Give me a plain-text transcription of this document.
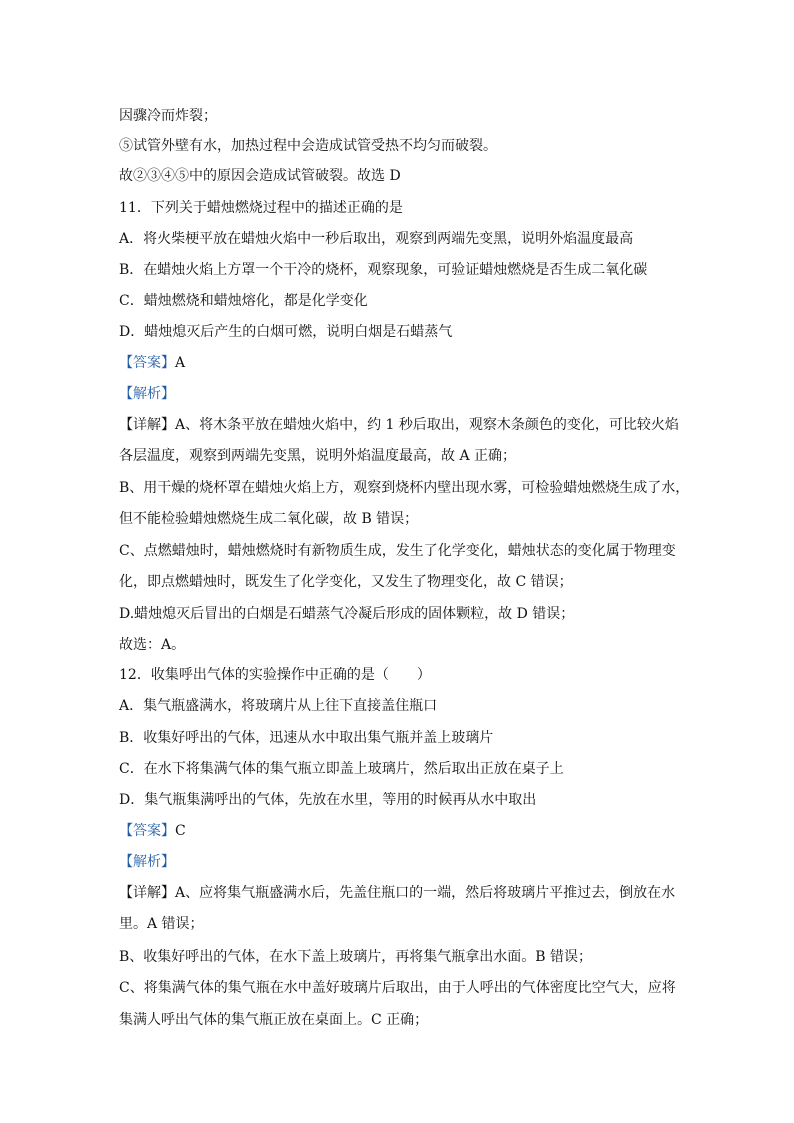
因骤冷而炸裂；
⑤试管外壁有水，加热过程中会造成试管受热不均匀而破裂。
故②③④⑤中的原因会造成试管破裂。故选 D
11．下列关于蜡烛燃烧过程中的描述正确的是
A．将火柴梗平放在蜡烛火焰中一秒后取出，观察到两端先变黑，说明外焰温度最高
B．在蜡烛火焰上方罩一个干冷的烧杯，观察现象，可验证蜡烛燃烧是否生成二氧化碳
C．蜡烛燃烧和蜡烛熔化，都是化学变化
D．蜡烛熄灭后产生的白烟可燃，说明白烟是石蜡蒸气
【答案】A
【解析】
【详解】A、将木条平放在蜡烛火焰中，约 1 秒后取出，观察木条颜色的变化，可比较火焰
各层温度，观察到两端先变黑，说明外焰温度最高，故 A 正确；
B、用干燥的烧杯罩在蜡烛火焰上方，观察到烧杯内壁出现水雾，可检验蜡烛燃烧生成了水，
但不能检验蜡烛燃烧生成二氧化碳，故 B 错误；
C、点燃蜡烛时，蜡烛燃烧时有新物质生成，发生了化学变化，蜡烛状态的变化属于物理变
化，即点燃蜡烛时，既发生了化学变化，又发生了物理变化，故 C 错误；
D.蜡烛熄灭后冒出的白烟是石蜡蒸气冷凝后形成的固体颗粒，故 D 错误；
故选：A。
12．收集呼出气体的实验操作中正确的是（　　）
A．集气瓶盛满水，将玻璃片从上往下直接盖住瓶口
B．收集好呼出的气体，迅速从水中取出集气瓶并盖上玻璃片
C．在水下将集满气体的集气瓶立即盖上玻璃片，然后取出正放在桌子上
D．集气瓶集满呼出的气体，先放在水里，等用的时候再从水中取出
【答案】C
【解析】
【详解】A、应将集气瓶盛满水后，先盖住瓶口的一端，然后将玻璃片平推过去，倒放在水
里。A 错误；
B、收集好呼出的气体，在水下盖上玻璃片，再将集气瓶拿出水面。B 错误；
C、将集满气体的集气瓶在水中盖好玻璃片后取出，由于人呼出的气体密度比空气大，应将
集满人呼出气体的集气瓶正放在桌面上。C 正确；
